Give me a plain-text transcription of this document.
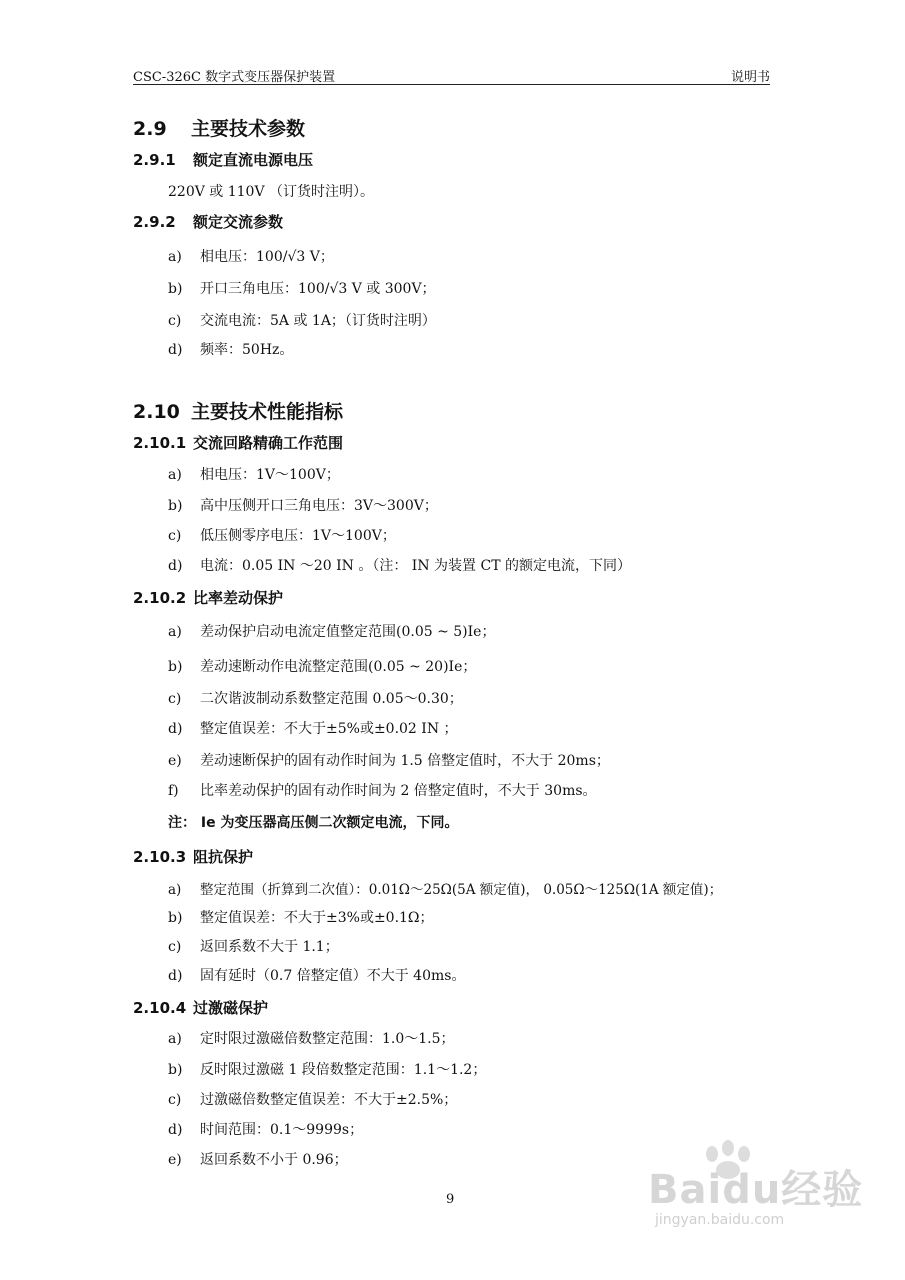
CSC-326C 数字式变压器保护装置	说明书
2.9 主要技术参数
2.9.1 额定直流电源电压
220V 或 110V （订货时注明）。
2.9.2 额定交流参数
a) 相电压：100/√3 V；
b) 开口三角电压：100/√3 V 或 300V；
c) 交流电流：5A 或 1A；（订货时注明）
d) 频率：50Hz。
2.10 主要技术性能指标
2.10.1 交流回路精确工作范围
a) 相电压：1V～100V；
b) 高中压侧开口三角电压：3V～300V；
c) 低压侧零序电压：1V～100V；
d) 电流：0.05 IN ～20 IN 。（注： IN 为装置 CT 的额定电流，下同）
2.10.2 比率差动保护
a) 差动保护启动电流定值整定范围(0.05 ~ 5)Ie；
b) 差动速断动作电流整定范围(0.05 ~ 20)Ie；
c) 二次谐波制动系数整定范围 0.05～0.30；
d) 整定值误差：不大于±5%或±0.02 IN ；
e) 差动速断保护的固有动作时间为 1.5 倍整定值时，不大于 20ms；
f) 比率差动保护的固有动作时间为 2 倍整定值时，不大于 30ms。
注： Ie 为变压器高压侧二次额定电流，下同。
2.10.3 阻抗保护
a) 整定范围（折算到二次值）：0.01Ω～25Ω(5A 额定值)， 0.05Ω～125Ω(1A 额定值)；
b) 整定值误差：不大于±3%或±0.1Ω；
c) 返回系数不大于 1.1；
d) 固有延时（0.7 倍整定值）不大于 40ms。
2.10.4 过激磁保护
a) 定时限过激磁倍数整定范围：1.0～1.5；
b) 反时限过激磁 1 段倍数整定范围：1.1～1.2；
c) 过激磁倍数整定值误差：不大于±2.5%；
d) 时间范围：0.1～9999s；
e) 返回系数不小于 0.96；
9	Baidu经验
jingyan.baidu.com
